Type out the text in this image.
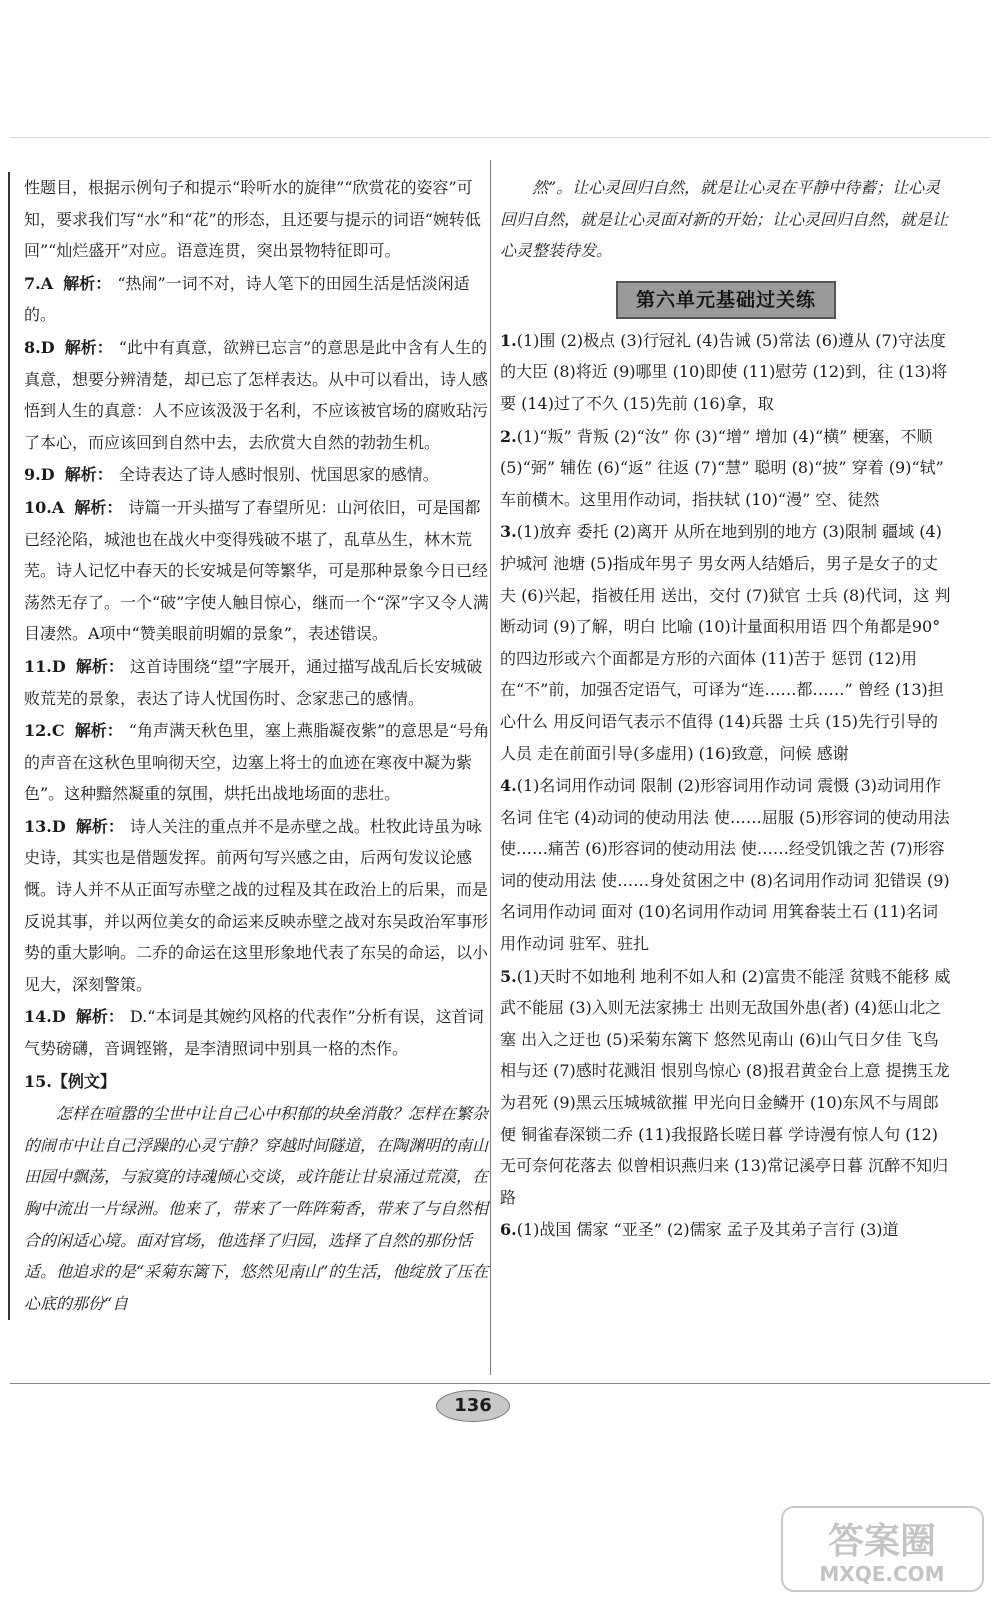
性题目，根据示例句子和提示“聆听水的旋律”“欣赏花的姿容”可知，要求我们写“水”和“花”的形态，且还要与提示的词语“婉转低回”“灿烂盛开”对应。语意连贯，突出景物特征即可。
7.A 解析： “热闹”一词不对，诗人笔下的田园生活是恬淡闲适的。
8.D 解析： “此中有真意，欲辨已忘言”的意思是此中含有人生的真意，想要分辨清楚，却已忘了怎样表达。从中可以看出，诗人感悟到人生的真意：人不应该汲汲于名利，不应该被官场的腐败玷污了本心，而应该回到自然中去，去欣赏大自然的勃勃生机。
9.D 解析： 全诗表达了诗人感时恨别、忧国思家的感情。
10.A 解析： 诗篇一开头描写了春望所见：山河依旧，可是国都已经沦陷，城池也在战火中变得残破不堪了，乱草丛生，林木荒芜。诗人记忆中春天的长安城是何等繁华，可是那种景象今日已经荡然无存了。一个“破”字使人触目惊心，继而一个“深”字又令人满目凄然。A项中“赞美眼前明媚的景象”，表述错误。
11.D 解析： 这首诗围绕“望”字展开，通过描写战乱后长安城破败荒芜的景象，表达了诗人忧国伤时、念家悲己的感情。
12.C 解析： “角声满天秋色里，塞上燕脂凝夜紫”的意思是“号角的声音在这秋色里响彻天空，边塞上将士的血迹在寒夜中凝为紫色”。这种黯然凝重的氛围，烘托出战地场面的悲壮。
13.D 解析： 诗人关注的重点并不是赤壁之战。杜牧此诗虽为咏史诗，其实也是借题发挥。前两句写兴感之由，后两句发议论感慨。诗人并不从正面写赤壁之战的过程及其在政治上的后果，而是反说其事，并以两位美女的命运来反映赤壁之战对东吴政治军事形势的重大影响。二乔的命运在这里形象地代表了东吴的命运，以小见大，深刻警策。
14.D 解析： D.“本词是其婉约风格的代表作”分析有误，这首词气势磅礴，音调铿锵，是李清照词中别具一格的杰作。
15.【例文】
怎样在喧嚣的尘世中让自己心中积郁的块垒消散？怎样在繁杂的闹市中让自己浮躁的心灵宁静？穿越时间隧道，在陶渊明的南山田园中飘荡，与寂寞的诗魂倾心交谈，或许能让甘泉涌过荒漠，在胸中流出一片绿洲。他来了，带来了一阵阵菊香，带来了与自然相合的闲适心境。面对官场，他选择了归园，选择了自然的那份恬适。他追求的是“采菊东篱下，悠然见南山”的生活，他绽放了压在心底的那份“自
然”。让心灵回归自然，就是让心灵在平静中待蓄；让心灵回归自然，就是让心灵面对新的开始；让心灵回归自然，就是让心灵整装待发。
第六单元基础过关练
1.(1)围 (2)极点 (3)行冠礼 (4)告诫 (5)常法 (6)遵从 (7)守法度的大臣 (8)将近 (9)哪里 (10)即使 (11)慰劳 (12)到，往 (13)将要 (14)过了不久 (15)先前 (16)拿，取
2.(1)“叛” 背叛 (2)“汝” 你 (3)“增” 增加 (4)“横” 梗塞，不顺 (5)“弼” 辅佐 (6)“返” 往返 (7)“慧” 聪明 (8)“披” 穿着 (9)“轼” 车前横木。这里用作动词，指扶轼 (10)“漫” 空、徒然
3.(1)放弃 委托 (2)离开 从所在地到别的地方 (3)限制 疆域 (4)护城河 池塘 (5)指成年男子 男女两人结婚后，男子是女子的丈夫 (6)兴起，指被任用 送出，交付 (7)狱官 士兵 (8)代词，这 判断动词 (9)了解，明白 比喻 (10)计量面积用语 四个角都是90°的四边形或六个面都是方形的六面体 (11)苦于 惩罚 (12)用在“不”前，加强否定语气，可译为“连……都……” 曾经 (13)担心什么 用反问语气表示不值得 (14)兵器 士兵 (15)先行引导的人员 走在前面引导(多虚用) (16)致意，问候 感谢
4.(1)名词用作动词 限制 (2)形容词用作动词 震慑 (3)动词用作名词 住宅 (4)动词的使动用法 使……屈服 (5)形容词的使动用法 使……痛苦 (6)形容词的使动用法 使……经受饥饿之苦 (7)形容词的使动用法 使……身处贫困之中 (8)名词用作动词 犯错误 (9)名词用作动词 面对 (10)名词用作动词 用箕畚装土石 (11)名词用作动词 驻军、驻扎
5.(1)天时不如地利 地利不如人和 (2)富贵不能淫 贫贱不能移 威武不能屈 (3)入则无法家拂士 出则无敌国外患(者) (4)惩山北之塞 出入之迂也 (5)采菊东篱下 悠然见南山 (6)山气日夕佳 飞鸟相与还 (7)感时花溅泪 恨别鸟惊心 (8)报君黄金台上意 提携玉龙为君死 (9)黑云压城城欲摧 甲光向日金鳞开 (10)东风不与周郎便 铜雀春深锁二乔 (11)我报路长嗟日暮 学诗漫有惊人句 (12)无可奈何花落去 似曾相识燕归来 (13)常记溪亭日暮 沉醉不知归路
6.(1)战国 儒家 “亚圣” (2)儒家 孟子及其弟子言行 (3)道
136
答案圈
MXQE.COM
